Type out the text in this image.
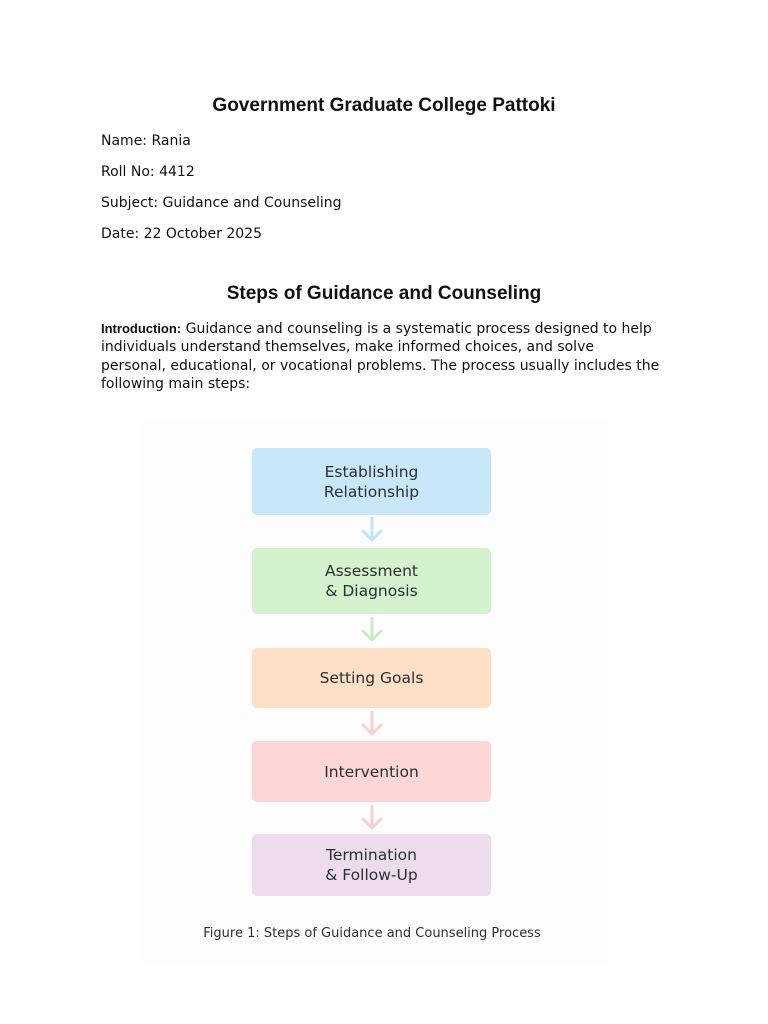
Government Graduate College Pattoki

Name: Rania

Roll No: 4412

Subject: Guidance and Counseling

Date: 22 October 2025

Steps of Guidance and Counseling

Introduction: Guidance and counseling is a systematic process designed to help individuals understand themselves, make informed choices, and solve personal, educational, or vocational problems. The process usually includes the following main steps:

Establishing
Relationship
Assessment
& Diagnosis
Setting Goals
Intervention
Termination
& Follow-Up

Figure 1: Steps of Guidance and Counseling Process
